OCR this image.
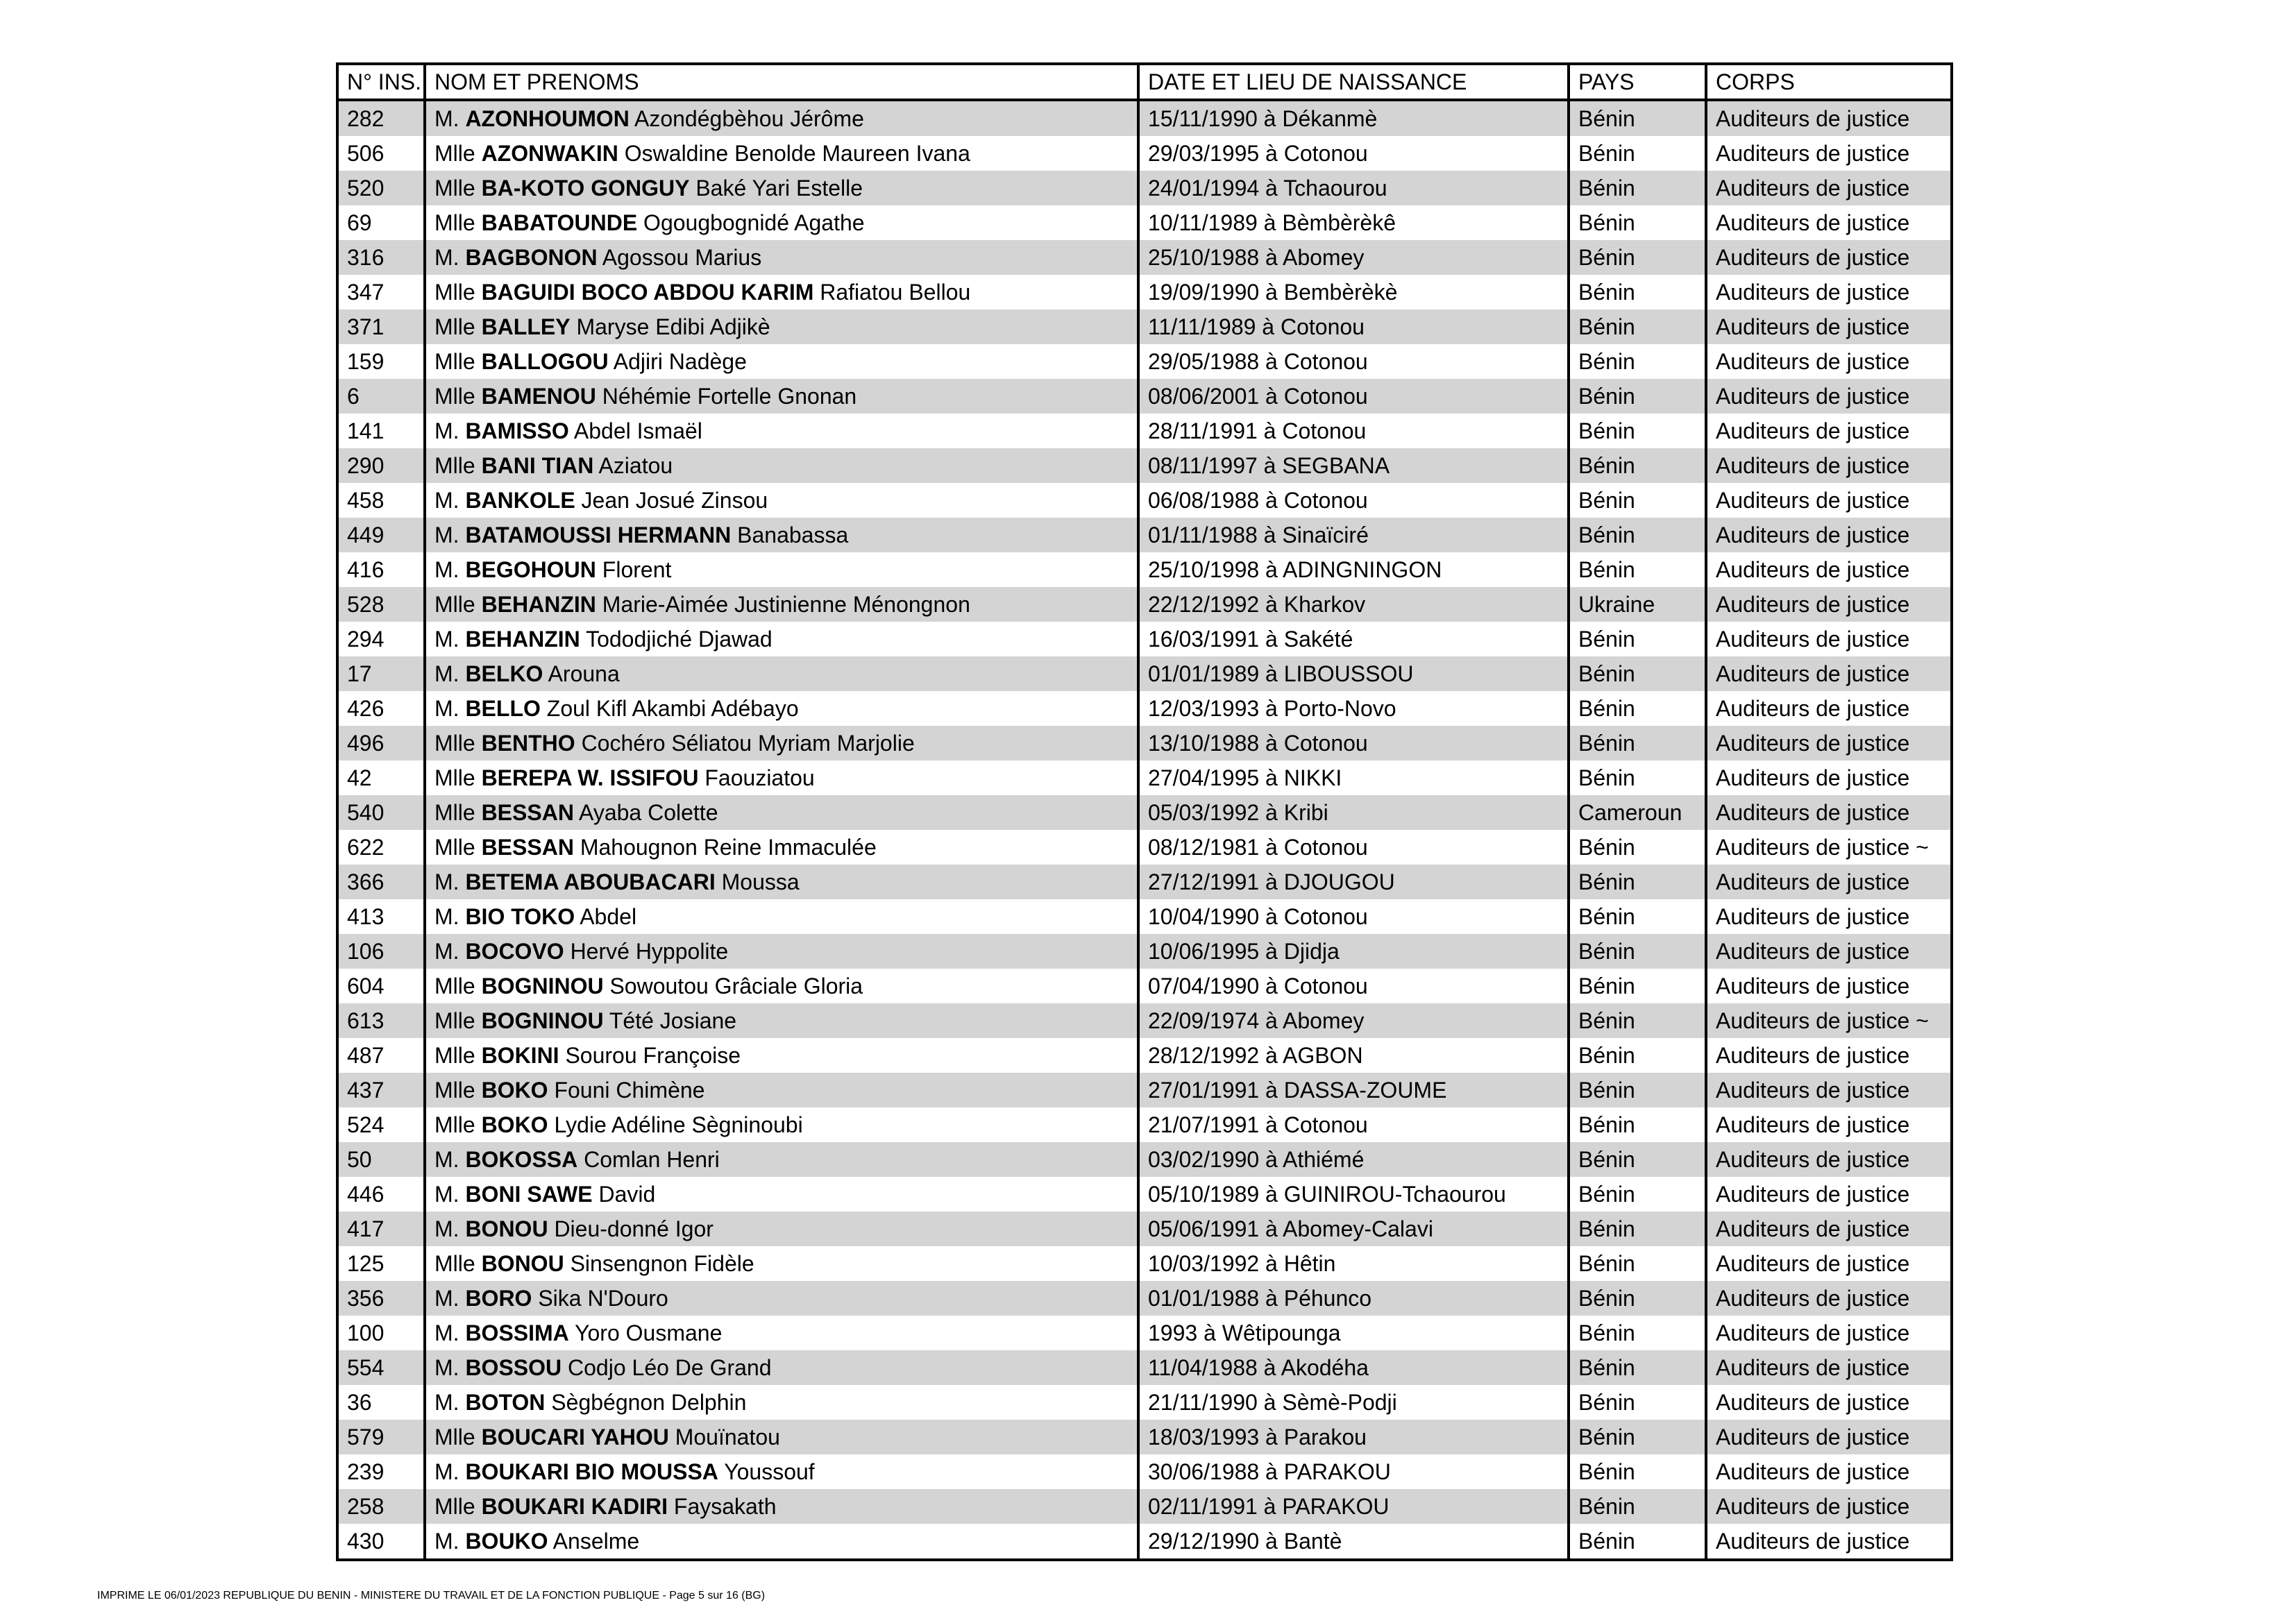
N° INS.	NOM ET PRENOMS	DATE ET LIEU DE NAISSANCE	PAYS	CORPS
282	M. AZONHOUMON Azondégbèhou Jérôme	15/11/1990 à Dékanmè	Bénin	Auditeurs de justice
506	Mlle AZONWAKIN Oswaldine Benolde Maureen Ivana	29/03/1995 à Cotonou	Bénin	Auditeurs de justice
520	Mlle BA-KOTO GONGUY Baké Yari Estelle	24/01/1994 à Tchaourou	Bénin	Auditeurs de justice
69	Mlle BABATOUNDE Ogougbognidé Agathe	10/11/1989 à Bèmbèrèkê	Bénin	Auditeurs de justice
316	M. BAGBONON Agossou Marius	25/10/1988 à Abomey	Bénin	Auditeurs de justice
347	Mlle BAGUIDI BOCO ABDOU KARIM Rafiatou Bellou	19/09/1990 à Bembèrèkè	Bénin	Auditeurs de justice
371	Mlle BALLEY Maryse Edibi Adjikè	11/11/1989 à Cotonou	Bénin	Auditeurs de justice
159	Mlle BALLOGOU Adjiri Nadège	29/05/1988 à Cotonou	Bénin	Auditeurs de justice
6	Mlle BAMENOU Néhémie Fortelle Gnonan	08/06/2001 à Cotonou	Bénin	Auditeurs de justice
141	M. BAMISSO Abdel Ismaël	28/11/1991 à Cotonou	Bénin	Auditeurs de justice
290	Mlle BANI TIAN Aziatou	08/11/1997 à SEGBANA	Bénin	Auditeurs de justice
458	M. BANKOLE Jean Josué Zinsou	06/08/1988 à Cotonou	Bénin	Auditeurs de justice
449	M. BATAMOUSSI HERMANN Banabassa	01/11/1988 à Sinaïciré	Bénin	Auditeurs de justice
416	M. BEGOHOUN Florent	25/10/1998 à ADINGNINGON	Bénin	Auditeurs de justice
528	Mlle BEHANZIN Marie-Aimée Justinienne Ménongnon	22/12/1992 à Kharkov	Ukraine	Auditeurs de justice
294	M. BEHANZIN Tododjiché Djawad	16/03/1991 à Sakété	Bénin	Auditeurs de justice
17	M. BELKO Arouna	01/01/1989 à LIBOUSSOU	Bénin	Auditeurs de justice
426	M. BELLO Zoul Kifl Akambi Adébayo	12/03/1993 à Porto-Novo	Bénin	Auditeurs de justice
496	Mlle BENTHO Cochéro Séliatou Myriam Marjolie	13/10/1988 à Cotonou	Bénin	Auditeurs de justice
42	Mlle BEREPA W. ISSIFOU Faouziatou	27/04/1995 à NIKKI	Bénin	Auditeurs de justice
540	Mlle BESSAN Ayaba Colette	05/03/1992 à Kribi	Cameroun	Auditeurs de justice
622	Mlle BESSAN Mahougnon Reine Immaculée	08/12/1981 à Cotonou	Bénin	Auditeurs de justice ~
366	M. BETEMA ABOUBACARI Moussa	27/12/1991 à DJOUGOU	Bénin	Auditeurs de justice
413	M. BIO TOKO Abdel	10/04/1990 à Cotonou	Bénin	Auditeurs de justice
106	M. BOCOVO Hervé Hyppolite	10/06/1995 à Djidja	Bénin	Auditeurs de justice
604	Mlle BOGNINOU Sowoutou Grâciale Gloria	07/04/1990 à Cotonou	Bénin	Auditeurs de justice
613	Mlle BOGNINOU Tété Josiane	22/09/1974 à Abomey	Bénin	Auditeurs de justice ~
487	Mlle BOKINI Sourou Françoise	28/12/1992 à AGBON	Bénin	Auditeurs de justice
437	Mlle BOKO Founi Chimène	27/01/1991 à DASSA-ZOUME	Bénin	Auditeurs de justice
524	Mlle BOKO Lydie Adéline Sègninoubi	21/07/1991 à Cotonou	Bénin	Auditeurs de justice
50	M. BOKOSSA Comlan Henri	03/02/1990 à Athiémé	Bénin	Auditeurs de justice
446	M. BONI SAWE David	05/10/1989 à GUINIROU-Tchaourou	Bénin	Auditeurs de justice
417	M. BONOU Dieu-donné Igor	05/06/1991 à Abomey-Calavi	Bénin	Auditeurs de justice
125	Mlle BONOU Sinsengnon Fidèle	10/03/1992 à Hêtin	Bénin	Auditeurs de justice
356	M. BORO Sika N'Douro	01/01/1988 à Péhunco	Bénin	Auditeurs de justice
100	M. BOSSIMA Yoro Ousmane	1993 à Wêtipounga	Bénin	Auditeurs de justice
554	M. BOSSOU Codjo Léo De Grand	11/04/1988 à Akodéha	Bénin	Auditeurs de justice
36	M. BOTON Sègbégnon Delphin	21/11/1990 à Sèmè-Podji	Bénin	Auditeurs de justice
579	Mlle BOUCARI YAHOU Mouïnatou	18/03/1993 à Parakou	Bénin	Auditeurs de justice
239	M. BOUKARI BIO MOUSSA Youssouf	30/06/1988 à PARAKOU	Bénin	Auditeurs de justice
258	Mlle BOUKARI KADIRI Faysakath	02/11/1991 à PARAKOU	Bénin	Auditeurs de justice
430	M. BOUKO Anselme	29/12/1990 à Bantè	Bénin	Auditeurs de justice
IMPRIME LE 06/01/2023 REPUBLIQUE DU BENIN - MINISTERE DU TRAVAIL ET DE LA FONCTION PUBLIQUE - Page 5 sur 16 (BG)
